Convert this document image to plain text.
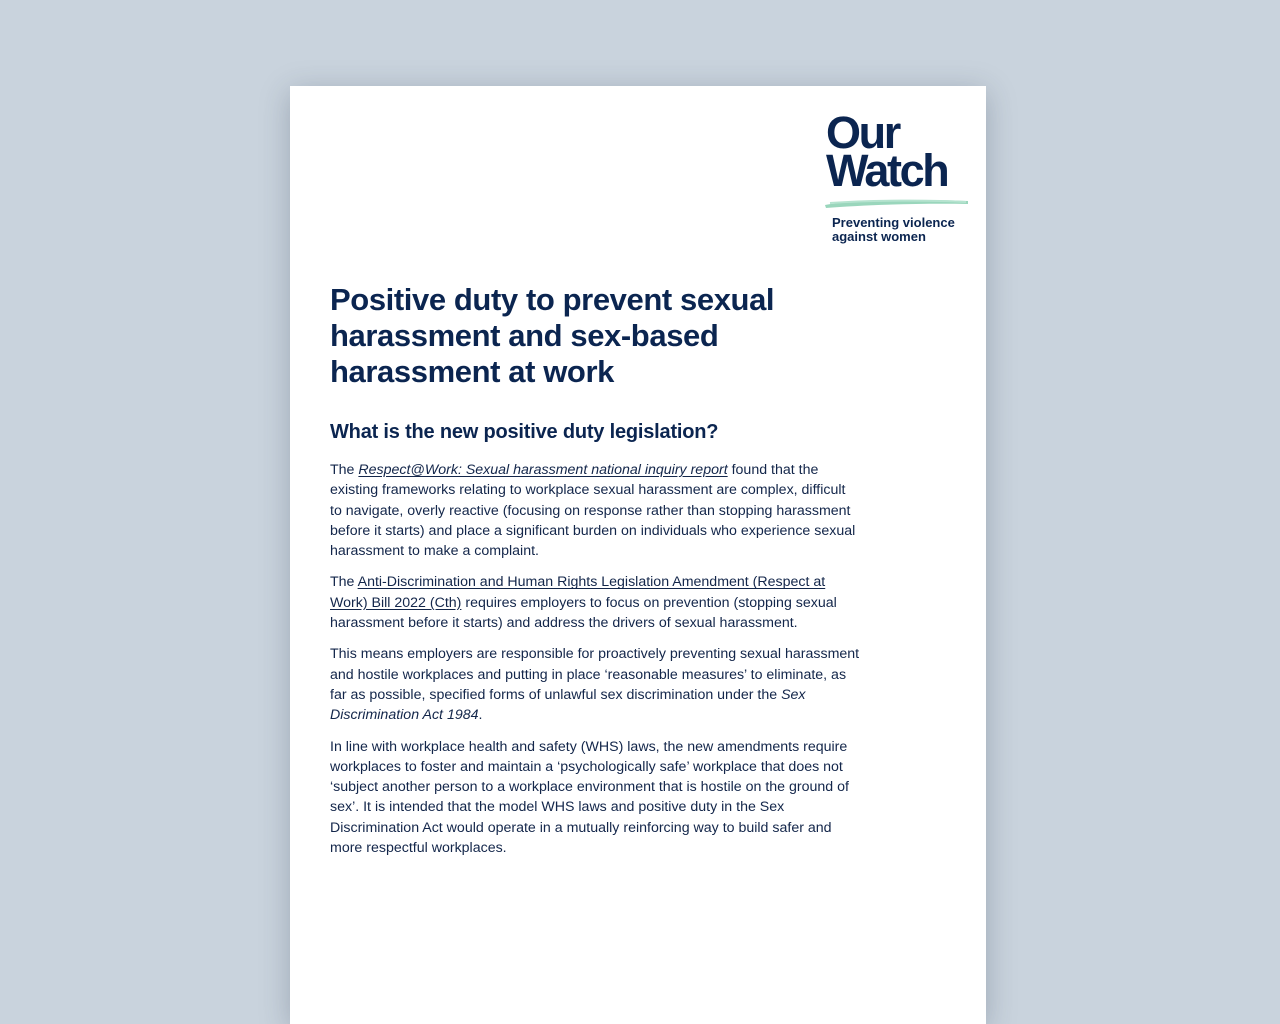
Our
Watch
Preventing violence
against women
Positive duty to prevent sexual harassment and sex-based harassment at work
What is the new positive duty legislation?

The Respect@Work: Sexual harassment national inquiry report found that the existing frameworks relating to workplace sexual harassment are complex, difficult to navigate, overly reactive (focusing on response rather than stopping harassment before it starts) and place a significant burden on individuals who experience sexual harassment to make a complaint.

The Anti-Discrimination and Human Rights Legislation Amendment (Respect at Work) Bill 2022 (Cth) requires employers to focus on prevention (stopping sexual harassment before it starts) and address the drivers of sexual harassment.

This means employers are responsible for proactively preventing sexual harassment and hostile workplaces and putting in place ‘reasonable measures’ to eliminate, as far as possible, specified forms of unlawful sex discrimination under the Sex Discrimination Act 1984.

In line with workplace health and safety (WHS) laws, the new amendments require workplaces to foster and maintain a ‘psychologically safe’ workplace that does not ‘subject another person to a workplace environment that is hostile on the ground of sex’. It is intended that the model WHS laws and positive duty in the Sex Discrimination Act would operate in a mutually reinforcing way to build safer and more respectful workplaces.
